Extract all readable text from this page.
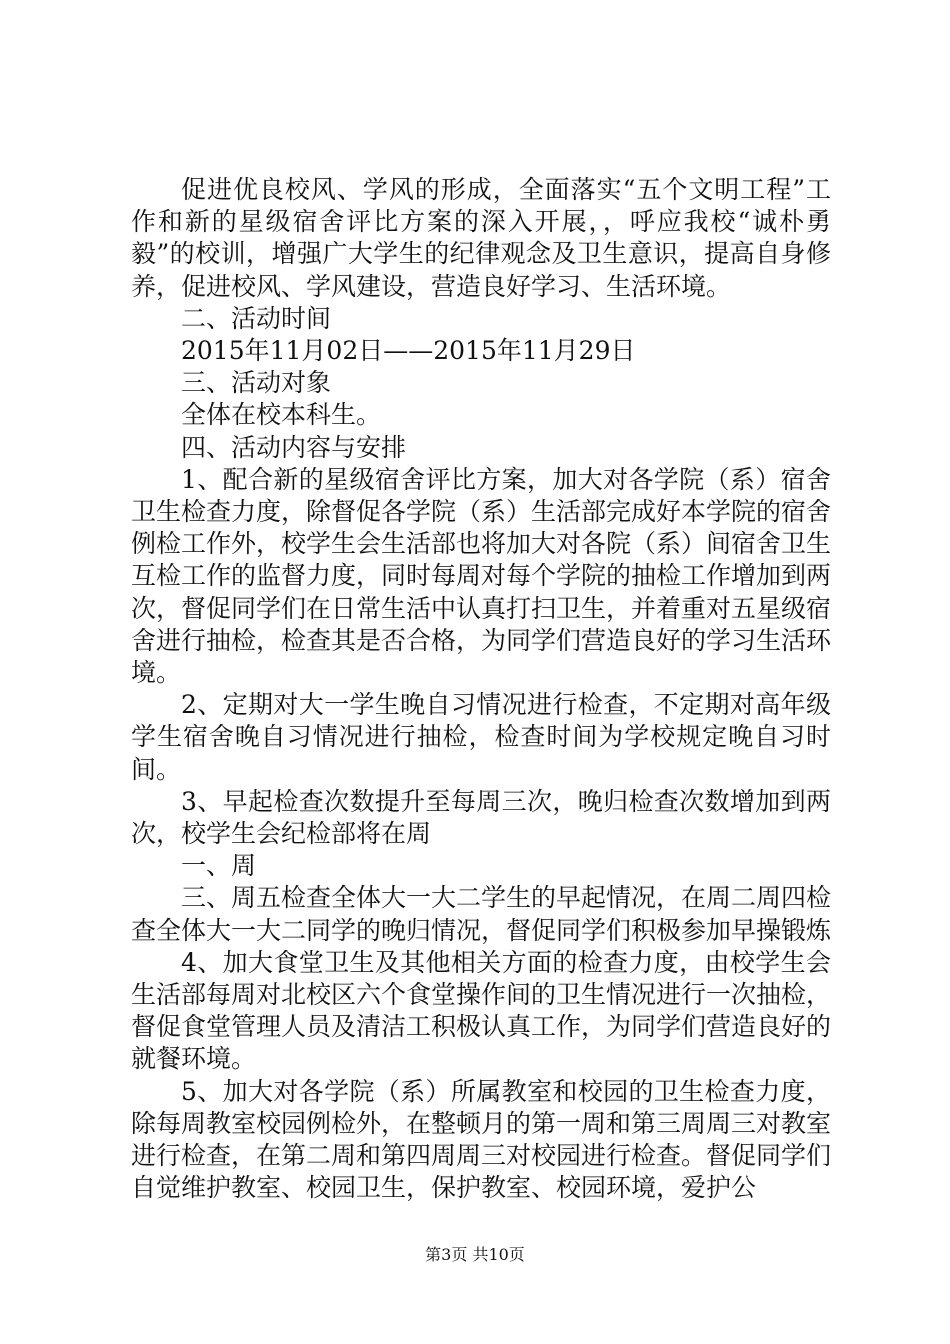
促进优良校风、学风的形成，全面落实“五个文明工程”工作和新的星级宿舍评比方案的深入开展，，呼应我校“诚朴勇毅”的校训，增强广大学生的纪律观念及卫生意识，提高自身修养，促进校风、学风建设，营造良好学习、生活环境。

二、活动时间

2015年11月02日——2015年11月29日

三、活动对象

全体在校本科生。

四、活动内容与安排

1、配合新的星级宿舍评比方案，加大对各学院（系）宿舍卫生检查力度，除督促各学院（系）生活部完成好本学院的宿舍例检工作外，校学生会生活部也将加大对各院（系）间宿舍卫生互检工作的监督力度，同时每周对每个学院的抽检工作增加到两次，督促同学们在日常生活中认真打扫卫生，并着重对五星级宿舍进行抽检，检查其是否合格，为同学们营造良好的学习生活环境。

2、定期对大一学生晚自习情况进行检查，不定期对高年级学生宿舍晚自习情况进行抽检，检查时间为学校规定晚自习时间。

3、早起检查次数提升至每周三次，晚归检查次数增加到两次，校学生会纪检部将在周

一、周

三、周五检查全体大一大二学生的早起情况，在周二周四检查全体大一大二同学的晚归情况，督促同学们积极参加早操锻炼

4、加大食堂卫生及其他相关方面的检查力度，由校学生会生活部每周对北校区六个食堂操作间的卫生情况进行一次抽检，督促食堂管理人员及清洁工积极认真工作，为同学们营造良好的就餐环境。

5、加大对各学院（系）所属教室和校园的卫生检查力度，除每周教室校园例检外，在整顿月的第一周和第三周周三对教室进行检查，在第二周和第四周周三对校园进行检查。督促同学们自觉维护教室、校园卫生，保护教室、校园环境，爱护公

第3页 共10页
